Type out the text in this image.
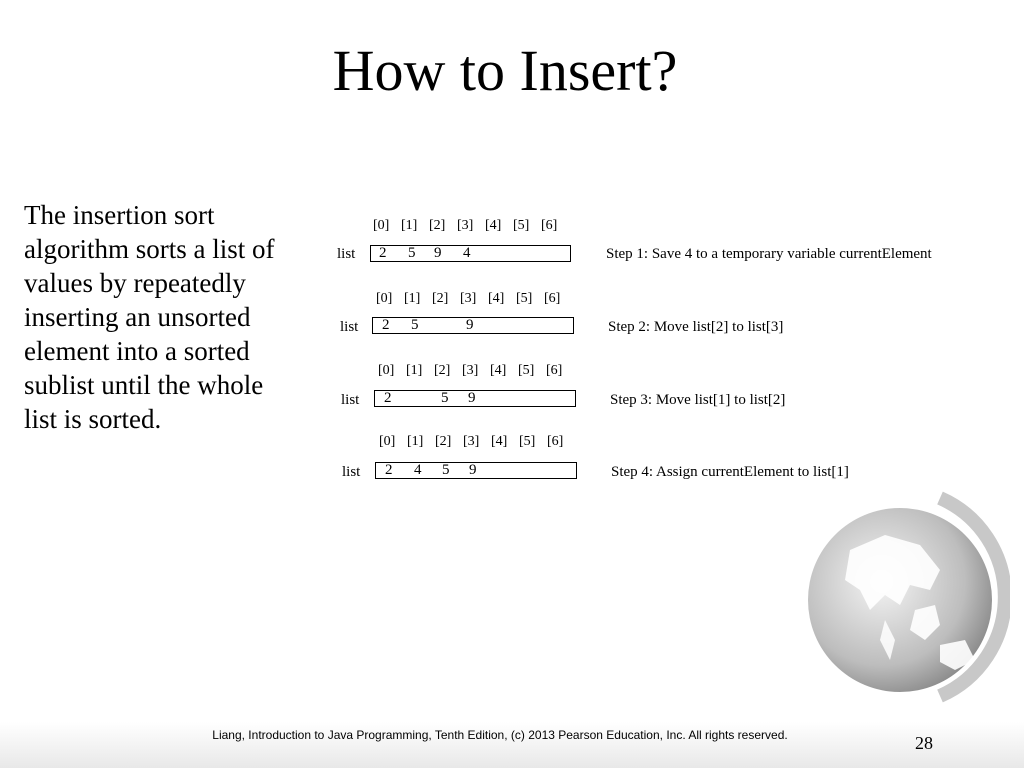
How to Insert?
The insertion sort algorithm sorts a list of values by repeatedly inserting an unsorted element into a sorted sublist until the whole list is sorted.
[0] [1] [2] [3] [4] [5] [6]
list 2 5 9 4	Step 1: Save 4 to a temporary variable currentElement
[0] [1] [2] [3] [4] [5] [6]
list 2 5	9	Step 2: Move list[2] to list[3]
[0] [1] [2] [3] [4] [5] [6]
list 2	5 9	Step 3: Move list[1] to list[2]
[0] [1] [2] [3] [4] [5] [6]
list 2 4 5 9	Step 4: Assign currentElement to list[1]
Liang, Introduction to Java Programming, Tenth Edition, (c) 2013 Pearson Education, Inc. All rights reserved.	28
